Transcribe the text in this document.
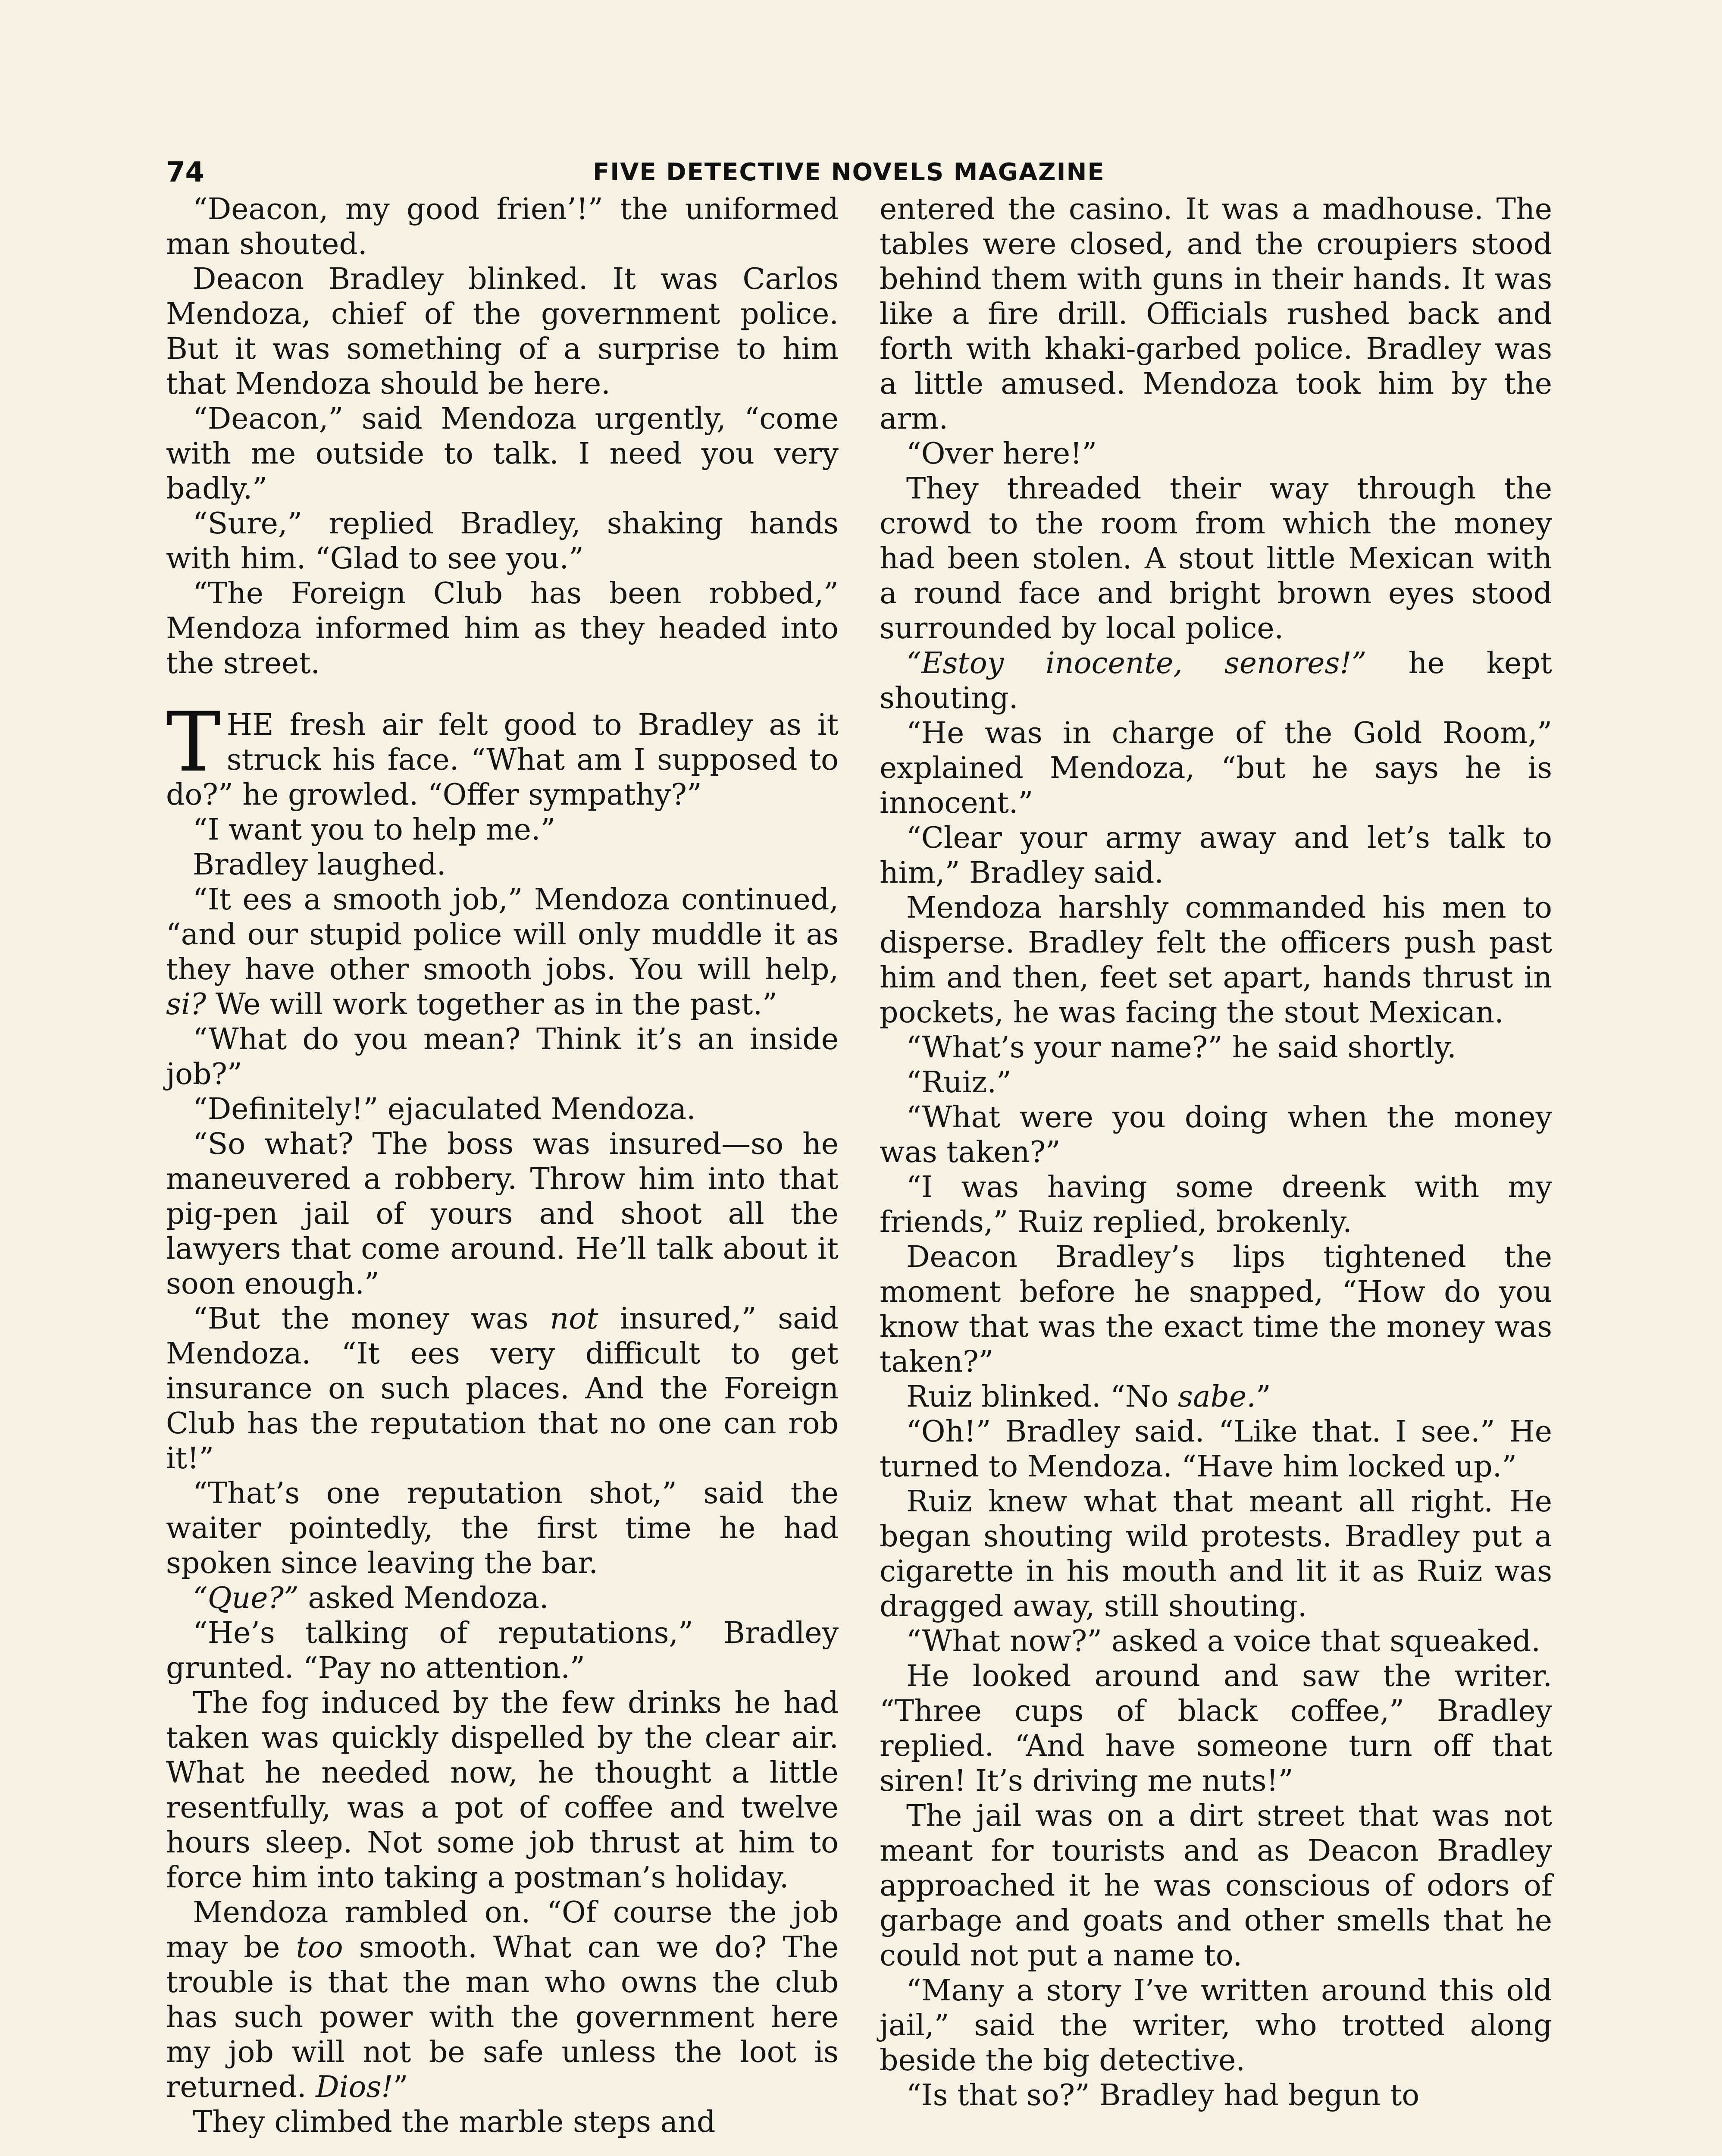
74	FIVE DETECTIVE NOVELS MAGAZINE

“Deacon, my good frien’!” the uniformed man shouted.

Deacon Bradley blinked. It was Carlos Mendoza, chief of the government police. But it was something of a surprise to him that Mendoza should be here.

“Deacon,” said Mendoza urgently, “come with me outside to talk. I need you very badly.”

“Sure,” replied Bradley, shaking hands with him. “Glad to see you.”

“The Foreign Club has been robbed,” Mendoza informed him as they headed into the street.

THE fresh air felt good to Bradley as it struck his face. “What am I supposed to do?” he growled. “Offer sympathy?”

“I want you to help me.”

Bradley laughed.

“It ees a smooth job,” Mendoza continued, “and our stupid police will only muddle it as they have other smooth jobs. You will help, si? We will work together as in the past.”

“What do you mean? Think it’s an inside job?”

“Definitely!” ejaculated Mendoza.

“So what? The boss was insured—so he maneuvered a robbery. Throw him into that pig-pen jail of yours and shoot all the lawyers that come around. He’ll talk about it soon enough.”

“But the money was not insured,” said Mendoza. “It ees very difficult to get insurance on such places. And the Foreign Club has the reputation that no one can rob it!”

“That’s one reputation shot,” said the waiter pointedly, the first time he had spoken since leaving the bar.

“Que?” asked Mendoza.

“He’s talking of reputations,” Bradley grunted. “Pay no attention.”

The fog induced by the few drinks he had taken was quickly dispelled by the clear air. What he needed now, he thought a little resentfully, was a pot of coffee and twelve hours sleep. Not some job thrust at him to force him into taking a postman’s holiday.

Mendoza rambled on. “Of course the job may be too smooth. What can we do? The trouble is that the man who owns the club has such power with the government here my job will not be safe unless the loot is returned. Dios!”

They climbed the marble steps and

entered the casino. It was a madhouse. The tables were closed, and the croupiers stood behind them with guns in their hands. It was like a fire drill. Officials rushed back and forth with khaki-garbed police. Bradley was a little amused. Mendoza took him by the arm.

“Over here!”

They threaded their way through the crowd to the room from which the money had been stolen. A stout little Mexican with a round face and bright brown eyes stood surrounded by local police.

“Estoy inocente, senores!” he kept shouting.

“He was in charge of the Gold Room,” explained Mendoza, “but he says he is innocent.”

“Clear your army away and let’s talk to him,” Bradley said.

Mendoza harshly commanded his men to disperse. Bradley felt the officers push past him and then, feet set apart, hands thrust in pockets, he was facing the stout Mexican.

“What’s your name?” he said shortly.

“Ruiz.”

“What were you doing when the money was taken?”

“I was having some dreenk with my friends,” Ruiz replied, brokenly.

Deacon Bradley’s lips tightened the moment before he snapped, “How do you know that was the exact time the money was taken?”

Ruiz blinked. “No sabe.”

“Oh!” Bradley said. “Like that. I see.” He turned to Mendoza. “Have him locked up.”

Ruiz knew what that meant all right. He began shouting wild protests. Bradley put a cigarette in his mouth and lit it as Ruiz was dragged away, still shouting.

“What now?” asked a voice that squeaked.

He looked around and saw the writer. “Three cups of black coffee,” Bradley replied. “And have someone turn off that siren! It’s driving me nuts!”

The jail was on a dirt street that was not meant for tourists and as Deacon Bradley approached it he was conscious of odors of garbage and goats and other smells that he could not put a name to.

“Many a story I’ve written around this old jail,” said the writer, who trotted along beside the big detective.

“Is that so?” Bradley had begun to
